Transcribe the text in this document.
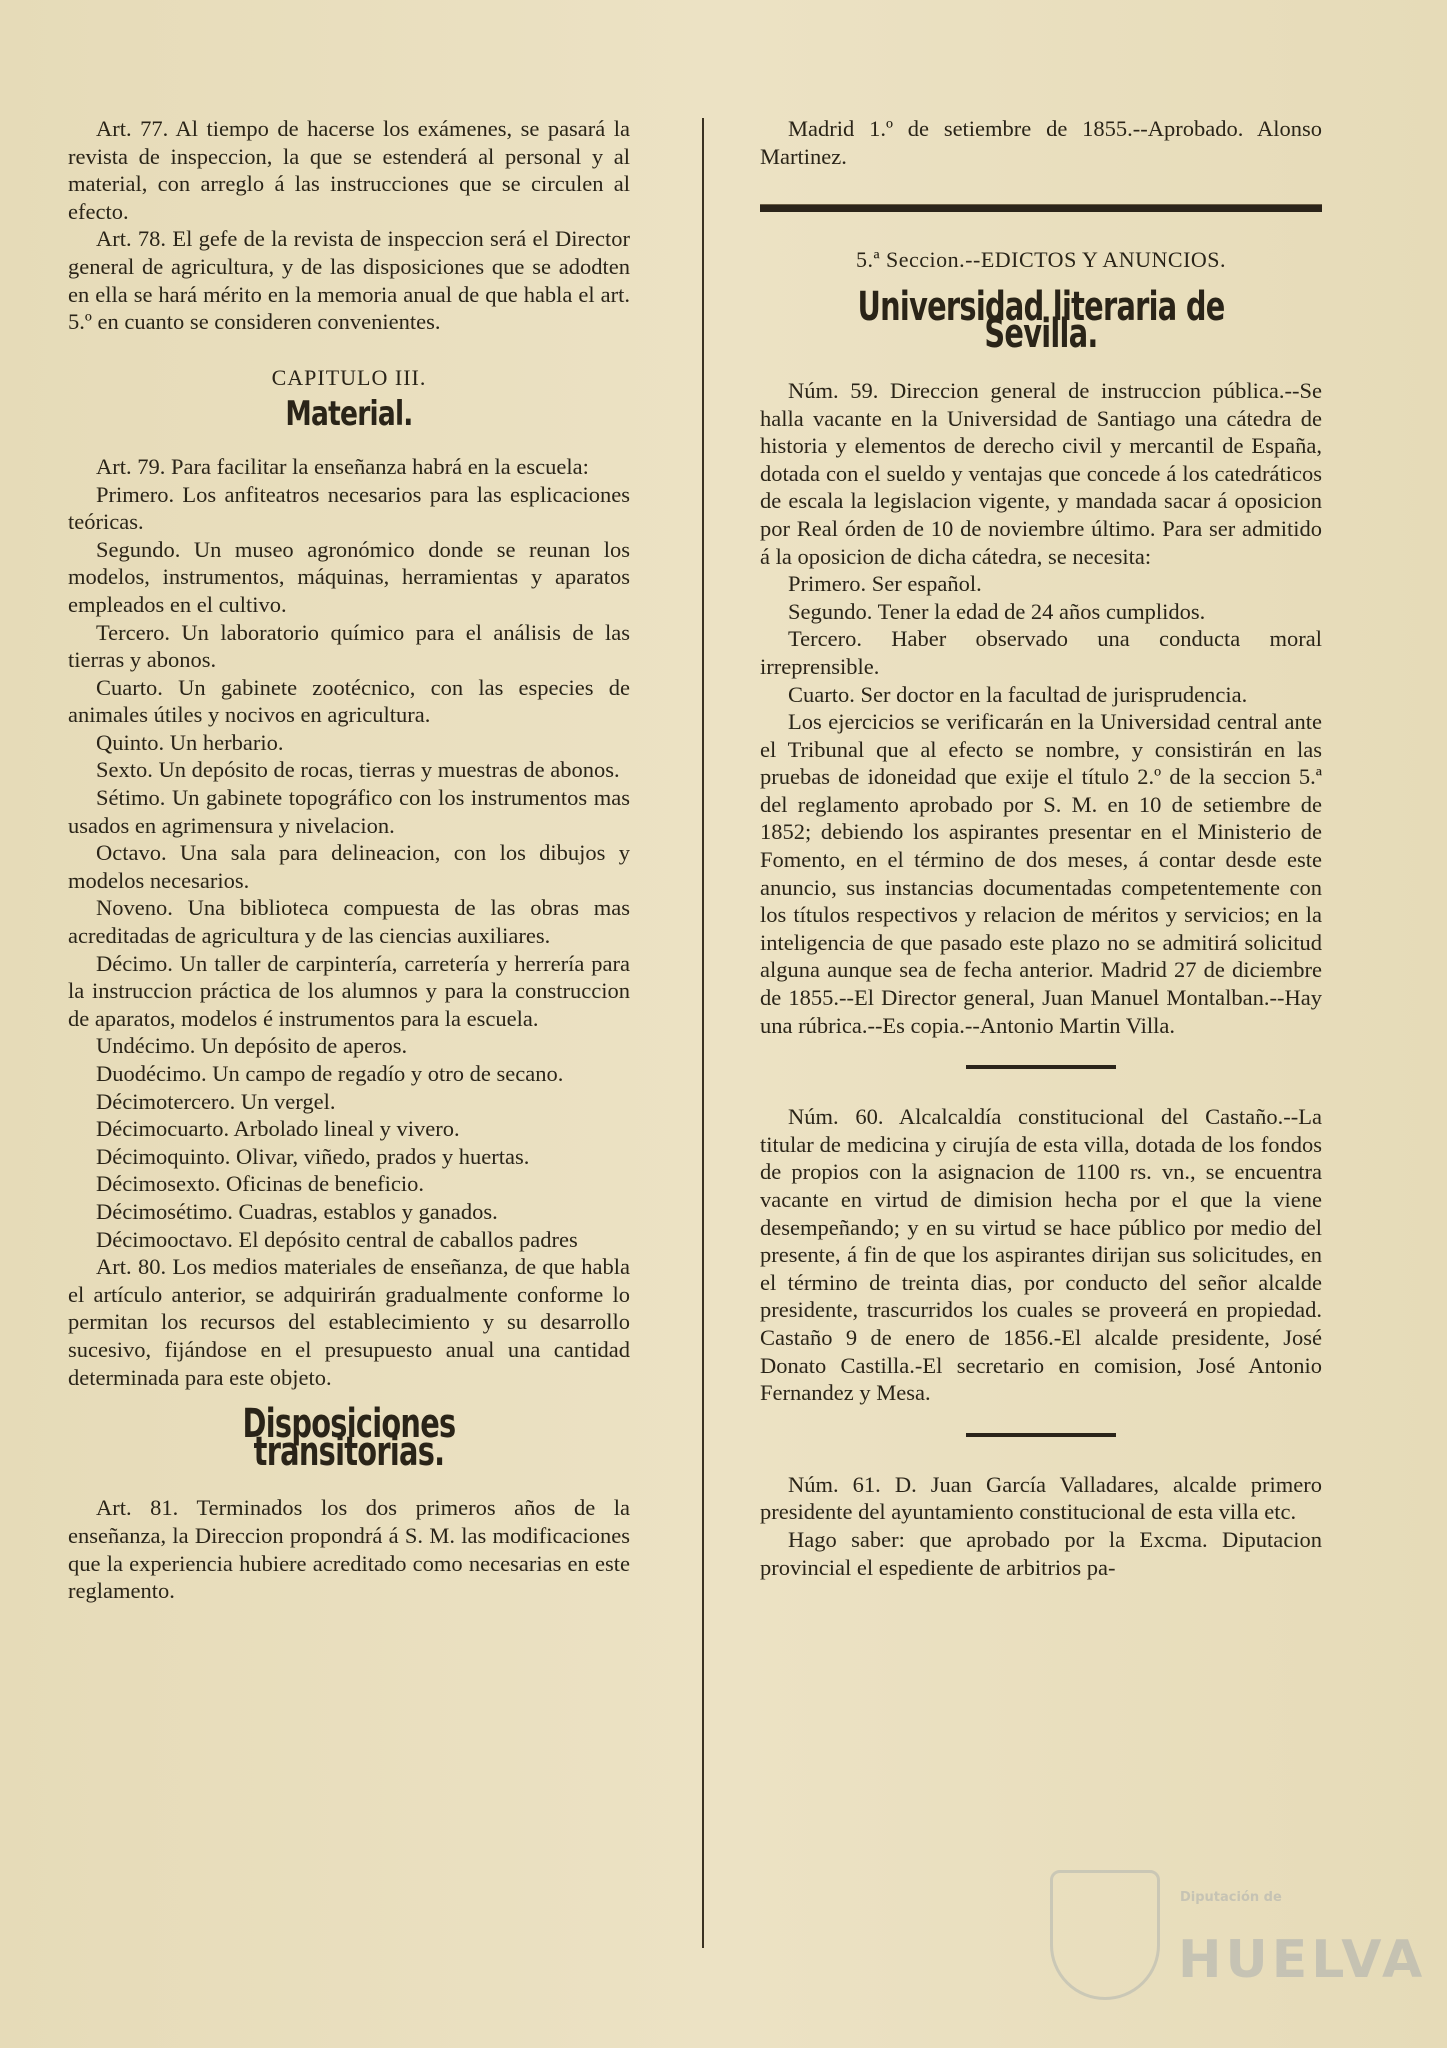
Art. 77. Al tiempo de hacerse los exámenes, se pasará la revista de inspeccion, la que se estenderá al personal y al material, con arreglo á las instrucciones que se circulen al efecto.

Art. 78. El gefe de la revista de inspeccion será el Director general de agricultura, y de las disposiciones que se adodten en ella se hará mérito en la memoria anual de que habla el art. 5.º en cuanto se consideren convenientes.

CAPITULO III.
Material.

Art. 79. Para facilitar la enseñanza habrá en la escuela:

Primero. Los anfiteatros necesarios para las esplicaciones teóricas.

Segundo. Un museo agronómico donde se reunan los modelos, instrumentos, máquinas, herramientas y aparatos empleados en el cultivo.

Tercero. Un laboratorio químico para el análisis de las tierras y abonos.

Cuarto. Un gabinete zootécnico, con las especies de animales útiles y nocivos en agricultura.

Quinto. Un herbario.

Sexto. Un depósito de rocas, tierras y muestras de abonos.

Sétimo. Un gabinete topográfico con los instrumentos mas usados en agrimensura y nivelacion.

Octavo. Una sala para delineacion, con los dibujos y modelos necesarios.

Noveno. Una biblioteca compuesta de las obras mas acreditadas de agricultura y de las ciencias auxiliares.

Décimo. Un taller de carpintería, carretería y herrería para la instruccion práctica de los alumnos y para la construccion de aparatos, modelos é instrumentos para la escuela.

Undécimo. Un depósito de aperos.

Duodécimo. Un campo de regadío y otro de secano.

Décimotercero. Un vergel.

Décimocuarto. Arbolado lineal y vivero.

Décimoquinto. Olivar, viñedo, prados y huertas.

Décimosexto. Oficinas de beneficio.

Décimosétimo. Cuadras, establos y ganados.

Décimooctavo. El depósito central de caballos padres

Art. 80. Los medios materiales de enseñanza, de que habla el artículo anterior, se adquirirán gradualmente conforme lo permitan los recursos del establecimiento y su desarrollo sucesivo, fijándose en el presupuesto anual una cantidad determinada para este objeto.

Disposiciones transitorias.

Art. 81. Terminados los dos primeros años de la enseñanza, la Direccion propondrá á S. M. las modificaciones que la experiencia hubiere acreditado como necesarias en este reglamento.

Madrid 1.º de setiembre de 1855.--Aprobado. Alonso Martinez.

5.ª Seccion.--EDICTOS Y ANUNCIOS.
Universidad literaria de Sevilla.

Núm. 59. Direccion general de instruccion pública.--Se halla vacante en la Universidad de Santiago una cátedra de historia y elementos de derecho civil y mercantil de España, dotada con el sueldo y ventajas que concede á los catedráticos de escala la legislacion vigente, y mandada sacar á oposicion por Real órden de 10 de noviembre último. Para ser admitido á la oposicion de dicha cátedra, se necesita:

Primero. Ser español.

Segundo. Tener la edad de 24 años cumplidos.

Tercero. Haber observado una conducta moral irreprensible.

Cuarto. Ser doctor en la facultad de jurisprudencia.

Los ejercicios se verificarán en la Universidad central ante el Tribunal que al efecto se nombre, y consistirán en las pruebas de idoneidad que exije el título 2.º de la seccion 5.ª del reglamento aprobado por S. M. en 10 de setiembre de 1852; debiendo los aspirantes presentar en el Ministerio de Fomento, en el término de dos meses, á contar desde este anuncio, sus instancias documentadas competentemente con los títulos respectivos y relacion de méritos y servicios; en la inteligencia de que pasado este plazo no se admitirá solicitud alguna aunque sea de fecha anterior. Madrid 27 de diciembre de 1855.--El Director general, Juan Manuel Montalban.--Hay una rúbrica.--Es copia.--Antonio Martin Villa.

Núm. 60. Alcalcaldía constitucional del Castaño.--La titular de medicina y cirujía de esta villa, dotada de los fondos de propios con la asignacion de 1100 rs. vn., se encuentra vacante en virtud de dimision hecha por el que la viene desempeñando; y en su virtud se hace público por medio del presente, á fin de que los aspirantes dirijan sus solicitudes, en el término de treinta dias, por conducto del señor alcalde presidente, trascurridos los cuales se proveerá en propiedad. Castaño 9 de enero de 1856.-El alcalde presidente, José Donato Castilla.-El secretario en comision, José Antonio Fernandez y Mesa.

Núm. 61. D. Juan García Valladares, alcalde primero presidente del ayuntamiento constitucional de esta villa etc.

Hago saber: que aprobado por la Excma. Diputacion provincial el espediente de arbitrios pa-

Diputación de
HUELVA
